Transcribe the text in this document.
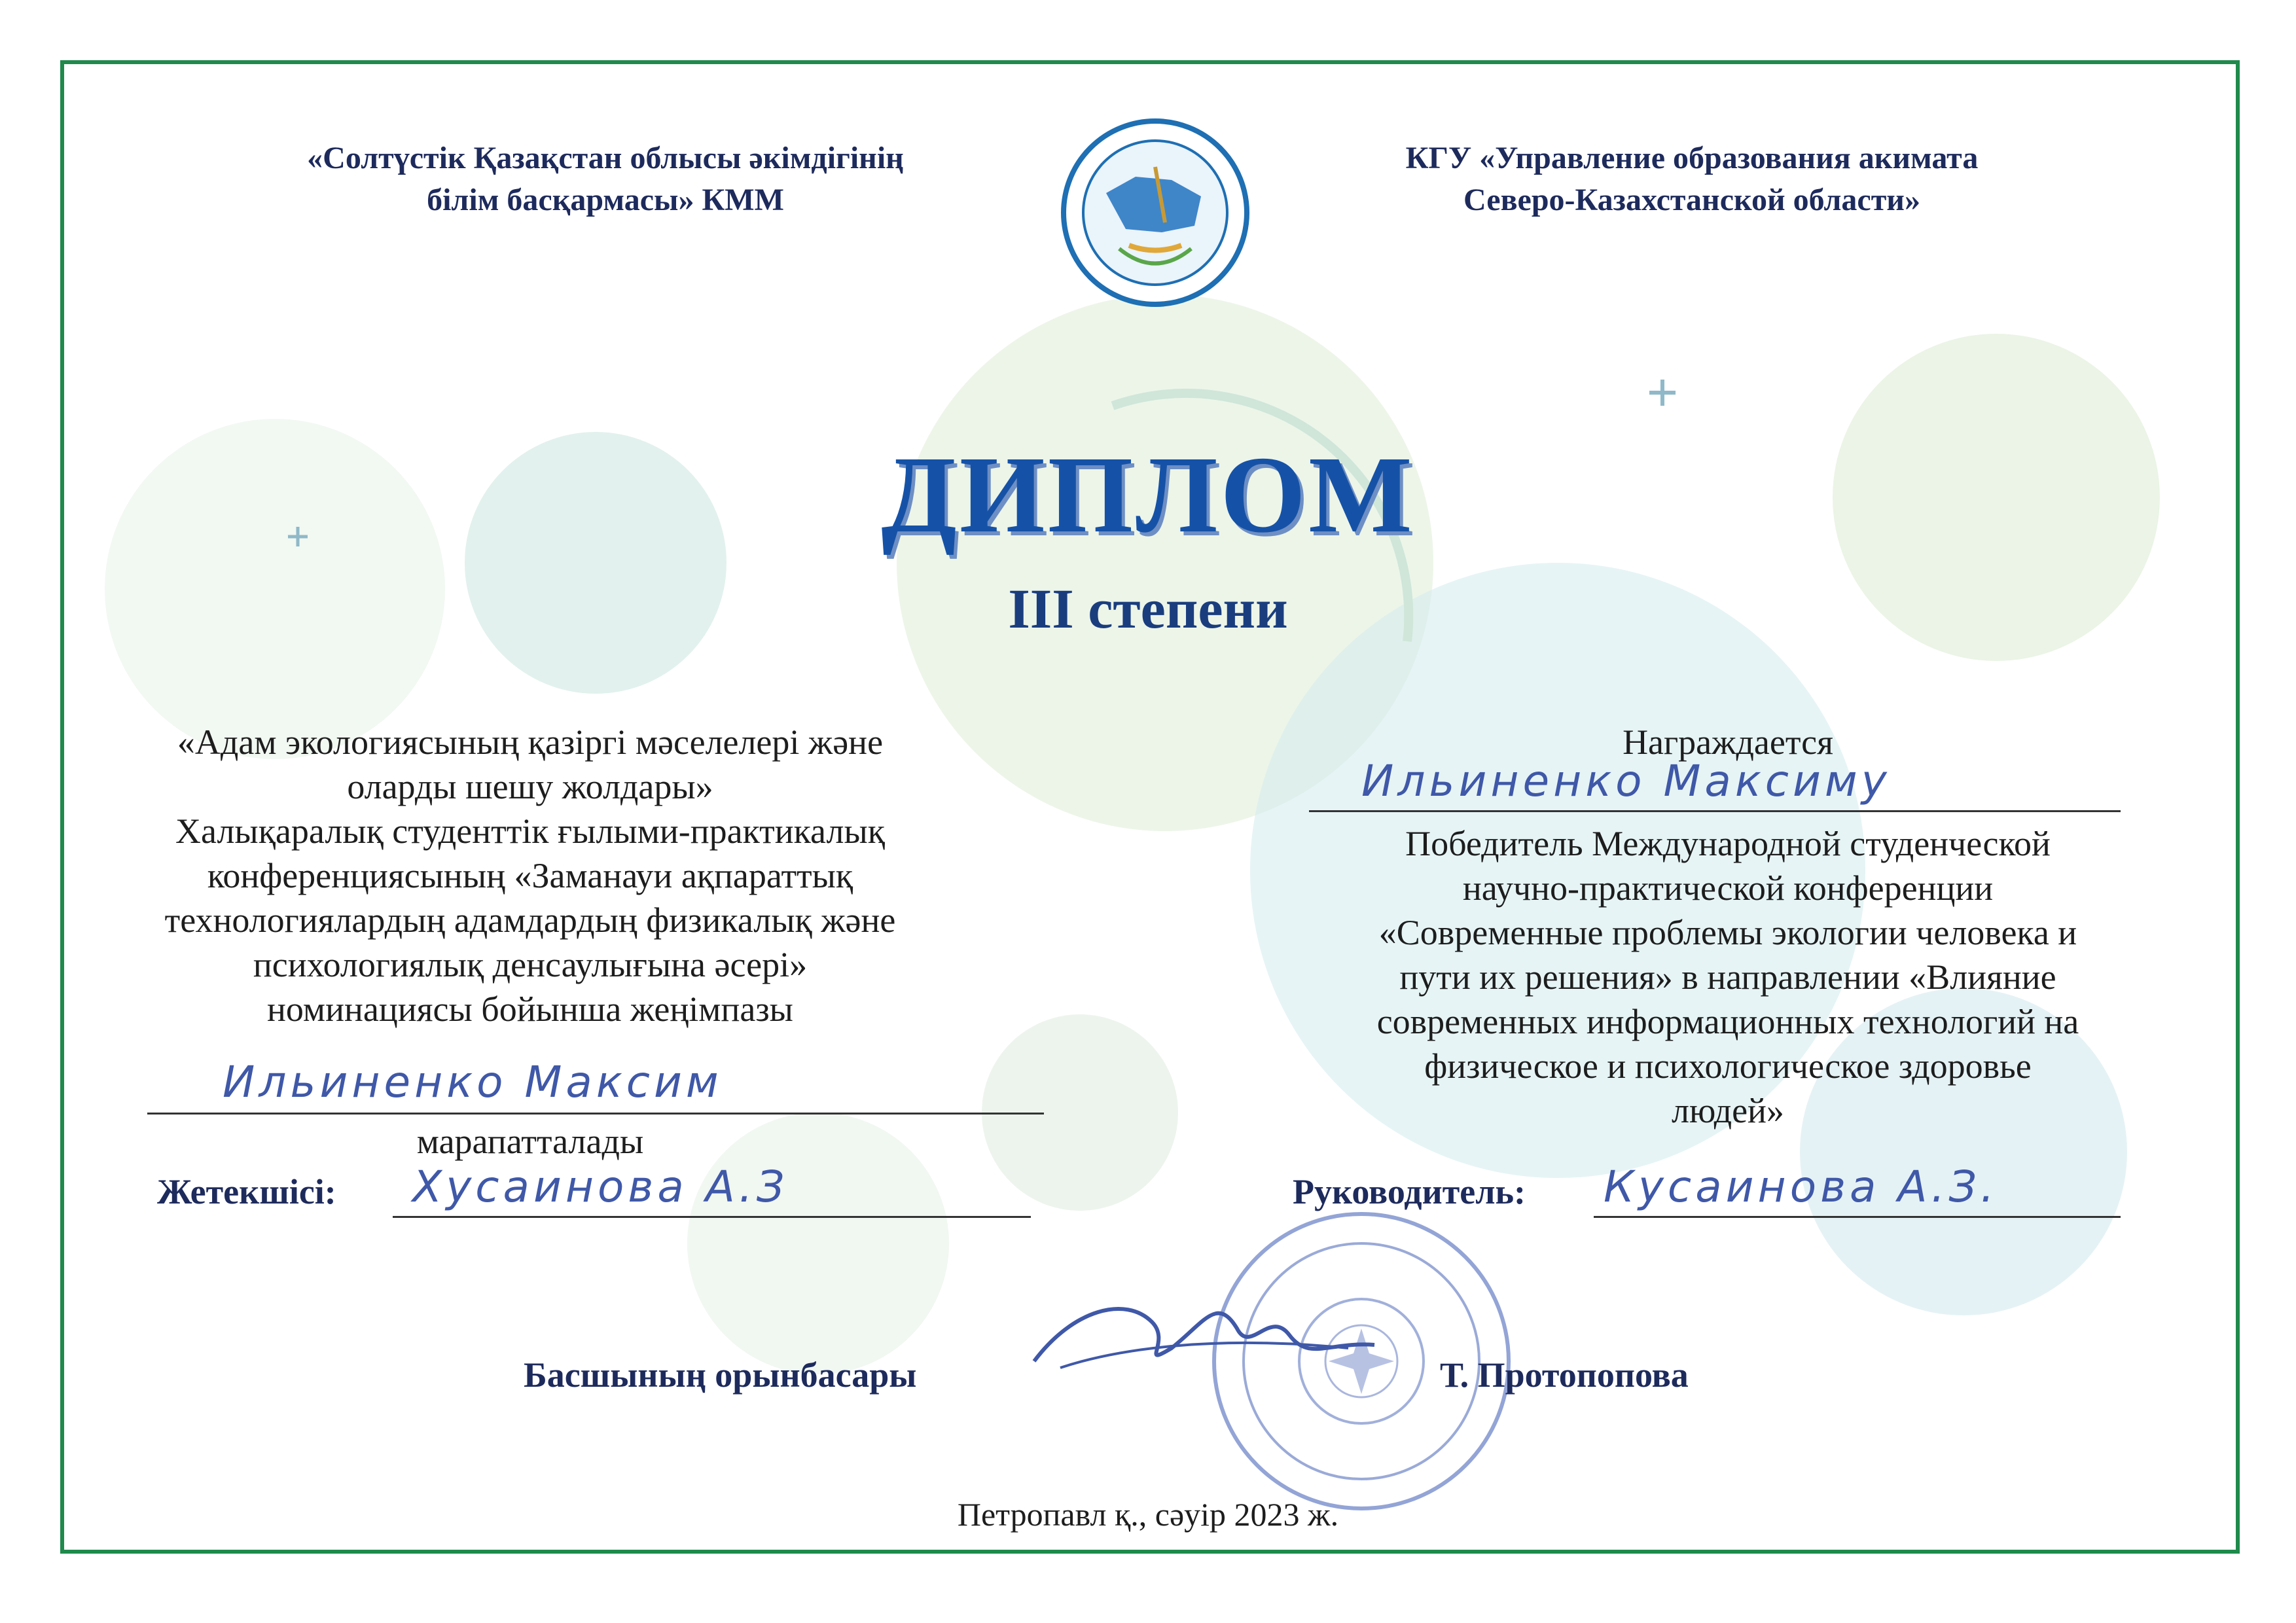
«Солтүстік Қазақстан облысы әкімдігінің
білім басқармасы» КММ
КГУ «Управление образования акимата
Северо-Казахстанской области»
ДИПЛОМ
III степени
«Адам экологиясының қазіргі мәселелері және
оларды шешу жолдары»
Халықаралық студенттік ғылыми-практикалық
конференциясының «Заманауи ақпараттық
технологиялардың адамдардың физикалық және
психологиялық денсаулығына әсері»
номинациясы бойынша жеңімпазы
Ильиненко Максим
марапатталады
Жетекшісі: Хусаинова А.З
Награждается
Ильиненко Максиму
Победитель Международной студенческой
научно-практической конференции
«Современные проблемы экологии человека и
пути их решения» в направлении «Влияние
современных информационных технологий на
физическое и психологическое здоровье
людей»
Руководитель: Кусаинова А.З.
Басшының орынбасары	Т. Протопопова
Петропавл қ., сәуір 2023 ж.
